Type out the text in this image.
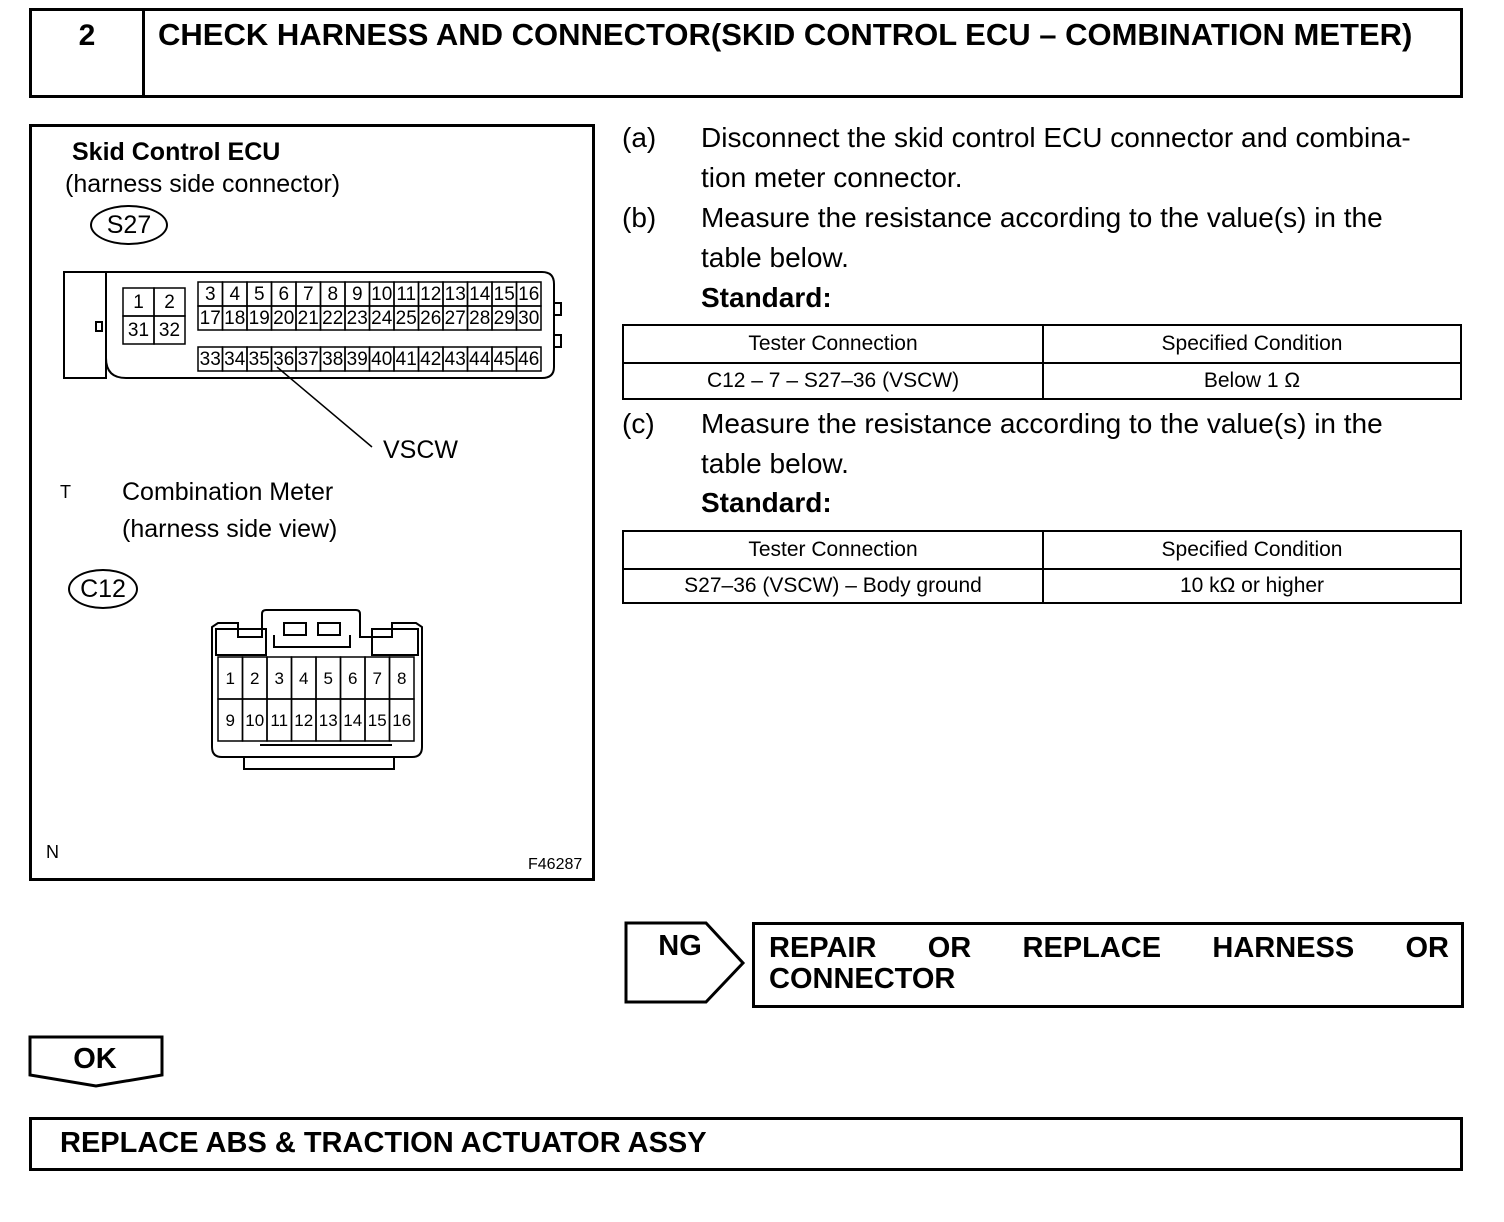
2	CHECK HARNESS AND CONNECTOR(SKID CONTROL ECU – COMBINATION METER)
Skid Control ECU
(harness side connector)
S27
1 2
31 32
3 4 5 6 7 8 9 10 11 12 13 14 15 16
17 18 19 20 21 22 23 24 25 26 27 28 29 30
33 34 35 36 37 38 39 40 41 42 43 44 45 46
1 2 3 4 5 6 7 8
9 10 11 12 13 14 15 16
VSCW
T Combination Meter
(harness side view)
C12
N
F46287
(a)	Disconnect the skid control ECU connector and combina-
tion meter connector.
(b)	Measure the resistance according to the value(s) in the
table below.
Standard:
Tester Connection	Specified Condition
C12 – 7 – S27–36 (VSCW)	Below 1 Ω
(c)	Measure the resistance according to the value(s) in the
table below.
Standard:
Tester Connection	Specified Condition
S27–36 (VSCW) – Body ground	10 kΩ or higher
NG REPAIR OR REPLACE HARNESS OR
CONNECTOR
OK
REPLACE ABS & TRACTION ACTUATOR ASSY
